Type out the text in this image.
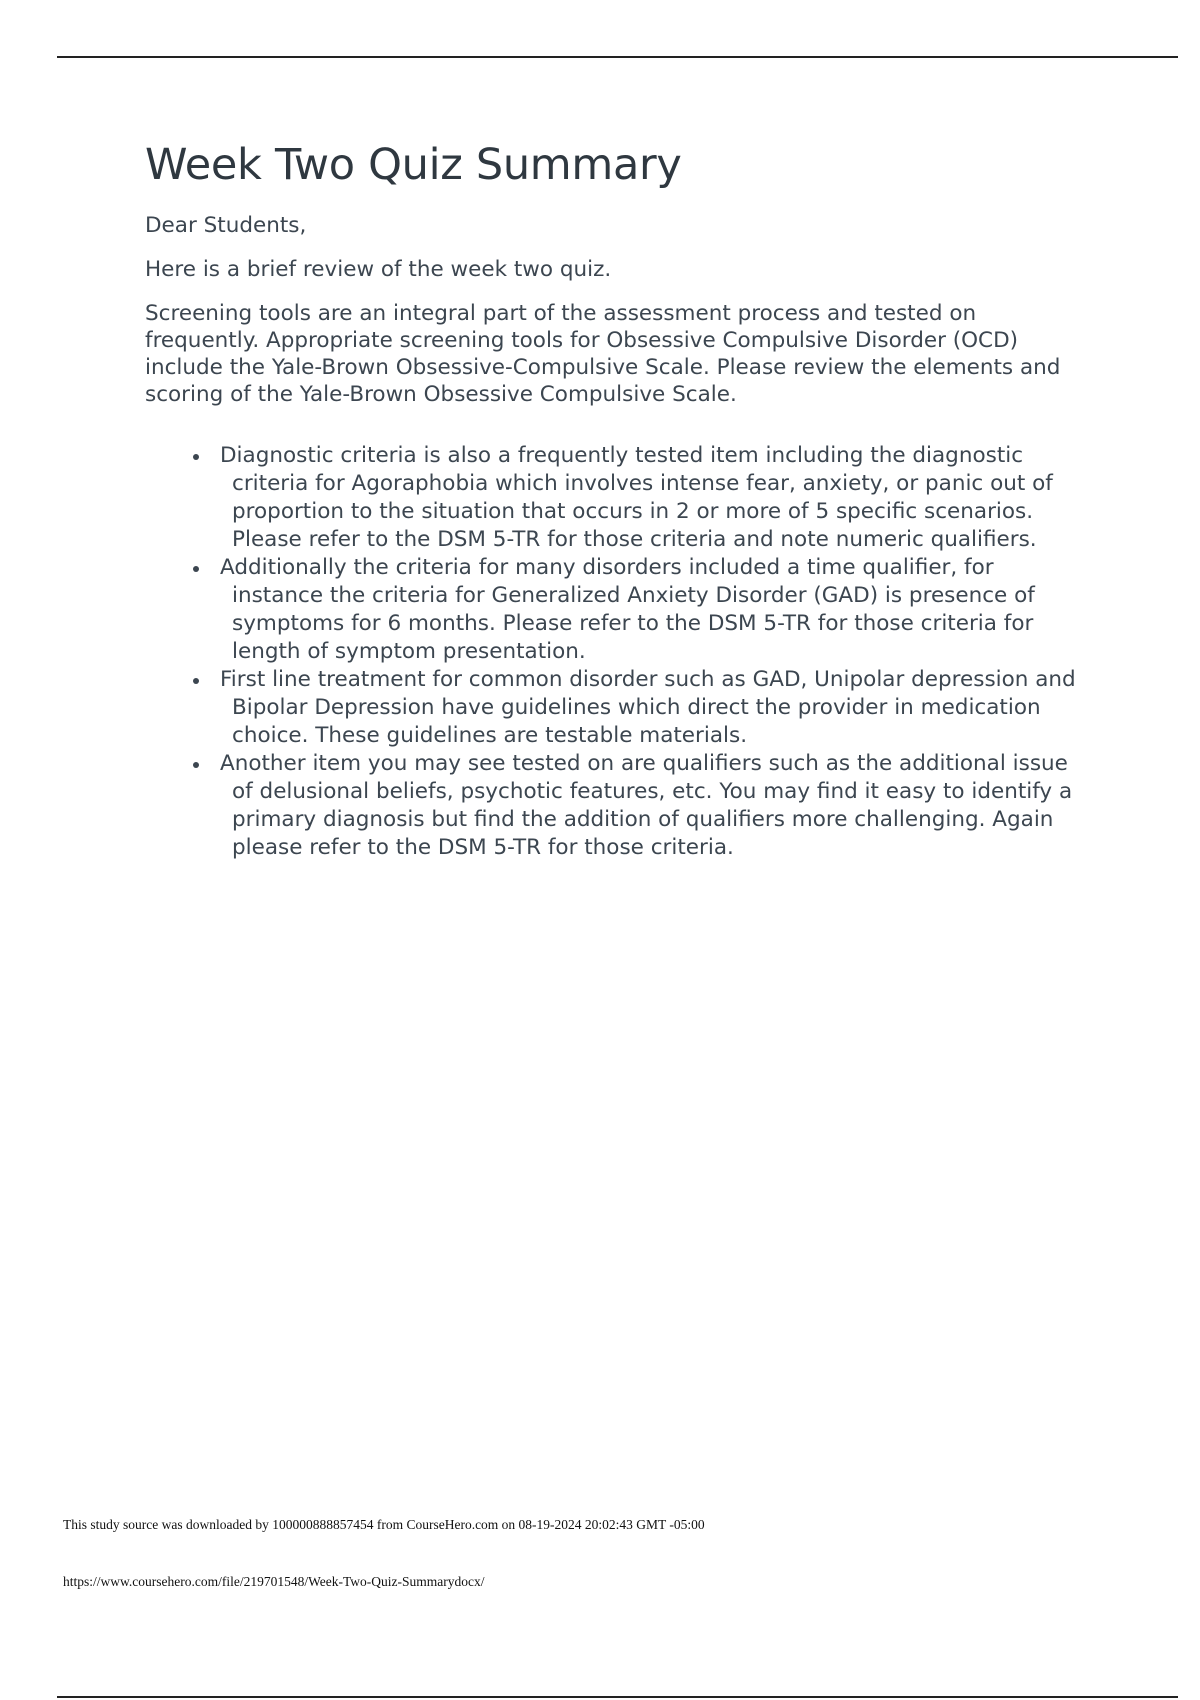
Week Two Quiz Summary

Dear Students,

Here is a brief review of the week two quiz.

Screening tools are an integral part of the assessment process and tested on frequently. Appropriate screening tools for Obsessive Compulsive Disorder (OCD) include the Yale-Brown Obsessive-Compulsive Scale. Please review the elements and scoring of the Yale-Brown Obsessive Compulsive Scale.

Diagnostic criteria is also a frequently tested item including the diagnostic criteria for Agoraphobia which involves intense fear, anxiety, or panic out of proportion to the situation that occurs in 2 or more of 5 specific scenarios. Please refer to the DSM 5-TR for those criteria and note numeric qualifiers.
Additionally the criteria for many disorders included a time qualifier, for instance the criteria for Generalized Anxiety Disorder (GAD) is presence of symptoms for 6 months. Please refer to the DSM 5-TR for those criteria for length of symptom presentation.
First line treatment for common disorder such as GAD, Unipolar depression and Bipolar Depression have guidelines which direct the provider in medication choice. These guidelines are testable materials.
Another item you may see tested on are qualifiers such as the additional issue of delusional beliefs, psychotic features, etc. You may find it easy to identify a primary diagnosis but find the addition of qualifiers more challenging. Again please refer to the DSM 5-TR for those criteria.
This study source was downloaded by 100000888857454 from CourseHero.com on 08-19-2024 20:02:43 GMT -05:00
https://www.coursehero.com/file/219701548/Week-Two-Quiz-Summarydocx/
